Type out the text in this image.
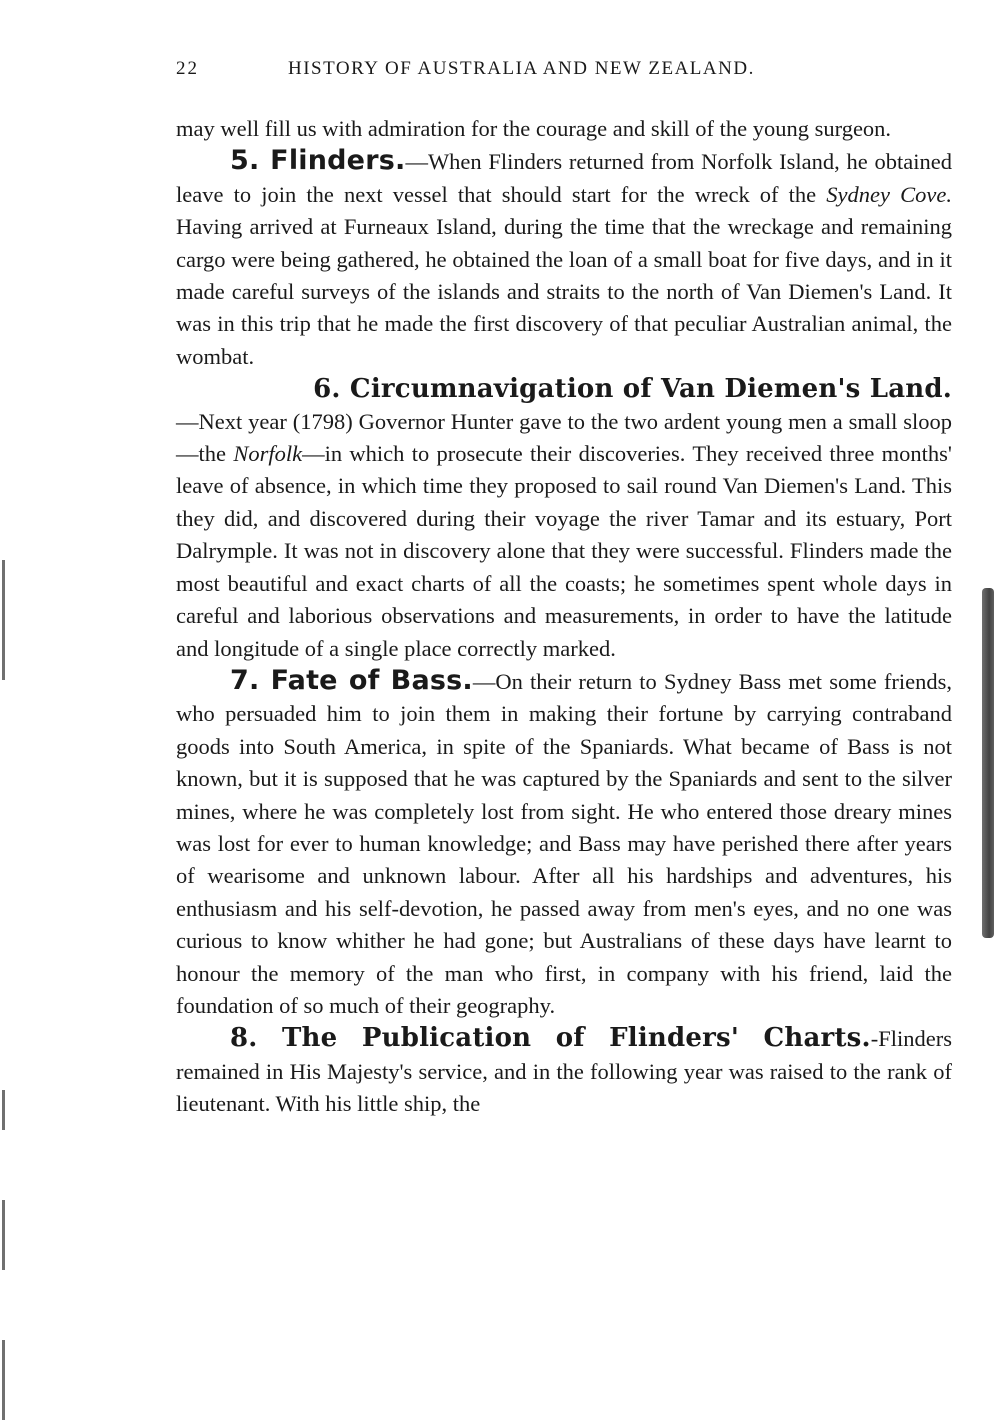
22	HISTORY OF AUSTRALIA AND NEW ZEALAND.

may well fill us with admiration for the courage and skill of the young surgeon.

5. Flinders.—When Flinders returned from Norfolk Island, he obtained leave to join the next vessel that should start for the wreck of the Sydney Cove. Having arrived at Furneaux Island, during the time that the wreckage and remaining cargo were being gathered, he obtained the loan of a small boat for five days, and in it made careful surveys of the islands and straits to the north of Van Diemen's Land. It was in this trip that he made the first discovery of that peculiar Australian animal, the wombat.

6. Circumnavigation of Van Diemen's Land.
—Next year (1798) Governor Hunter gave to the two ardent young men a small sloop—the Norfolk—in which to prosecute their discoveries. They received three months' leave of absence, in which time they proposed to sail round Van Diemen's Land. This they did, and discovered during their voyage the river Tamar and its estuary, Port Dalrymple. It was not in discovery alone that they were successful. Flinders made the most beautiful and exact charts of all the coasts; he sometimes spent whole days in careful and laborious observations and measurements, in order to have the latitude and longitude of a single place correctly marked.

7. Fate of Bass.—On their return to Sydney Bass met some friends, who persuaded him to join them in making their fortune by carrying contraband goods into South America, in spite of the Spaniards. What became of Bass is not known, but it is supposed that he was captured by the Spaniards and sent to the silver mines, where he was completely lost from sight. He who entered those dreary mines was lost for ever to human knowledge; and Bass may have perished there after years of wearisome and unknown labour. After all his hardships and adventures, his enthusiasm and his self-devotion, he passed away from men's eyes, and no one was curious to know whither he had gone; but Australians of these days have learnt to honour the memory of the man who first, in company with his friend, laid the foundation of so much of their geography.

8. The Publication of Flinders' Charts.-Flinders remained in His Majesty's service, and in the following year was raised to the rank of lieutenant. With his little ship, the
